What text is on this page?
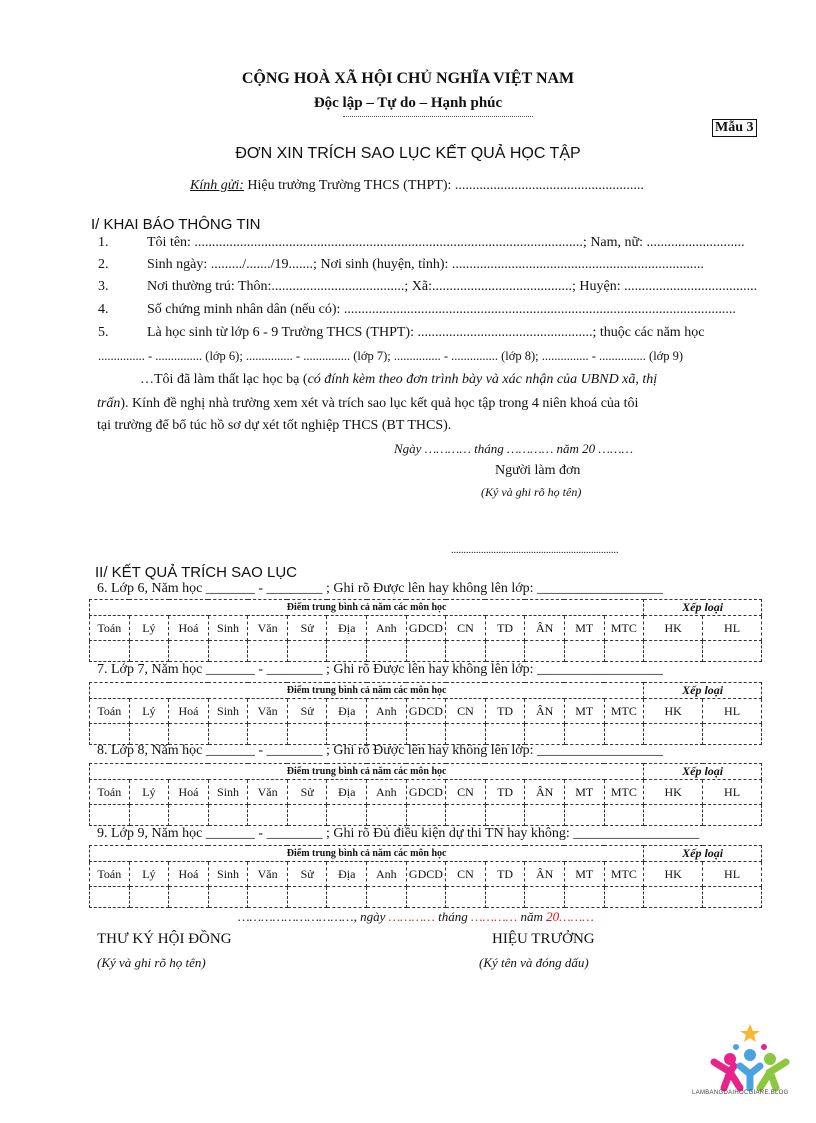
CỘNG HOÀ XÃ HỘI CHỦ NGHĨA VIỆT NAM
Độc lập – Tự do – Hạnh phúc
Mẫu 3
ĐƠN XIN TRÍCH SAO LỤC KẾT QUẢ HỌC TẬP
Kính gửi: Hiệu trưởng Trường THCS (THPT): ......................................................
I/ KHAI BÁO THÔNG TIN
1.	Tôi tên: ...............................................................................................................; Nam, nữ: ............................
2.	Sinh ngày: ........./......./19.......; Nơi sinh (huyện, tỉnh): ........................................................................
3.	Nơi thường trú: Thôn:......................................; Xã:........................................; Huyện: ......................................
4.	Số chứng minh nhân dân (nếu có): ................................................................................................................
5.	Là học sinh từ lớp 6 - 9 Trường THCS (THPT): ..................................................; thuộc các năm học
............... - ............... (lớp 6); ............... - ............... (lớp 7); ............... - ............... (lớp 8); ............... - ............... (lớp 9)
…Tôi đã làm thất lạc học bạ (có đính kèm theo đơn trình bày và xác nhận của UBND xã, thị
trấn). Kính đề nghị nhà trường xem xét và trích sao lục kết quả học tập trong 4 niên khoá của tôi
tại trường để bổ túc hồ sơ dự xét tốt nghiệp THCS (BT THCS).
Ngày ………… tháng ………… năm 20 ………
Người làm đơn
(Ký và ghi rõ họ tên)
...................................................................
II/ KẾT QUẢ TRÍCH SAO LỤC
6. Lớp 6, Năm học _______ - ________ ; Ghi rõ Được lên hay không lên lớp: __________________
Điểm trung bình cả năm các môn học														Xếp loại	
Toán	Lý	Hoá	Sinh	Văn	Sử	Địa	Anh	GDCD	CN	TD	ÂN	MT	MTC	HK	HL

7. Lớp 7, Năm học _______ - ________ ; Ghi rõ Được lên hay không lên lớp: __________________
Điểm trung bình cả năm các môn học														Xếp loại	
Toán	Lý	Hoá	Sinh	Văn	Sử	Địa	Anh	GDCD	CN	TD	ÂN	MT	MTC	HK	HL

8. Lớp 8, Năm học _______ - ________ ; Ghi rõ Được lên hay không lên lớp: __________________
Điểm trung bình cả năm các môn học														Xếp loại	
Toán	Lý	Hoá	Sinh	Văn	Sử	Địa	Anh	GDCD	CN	TD	ÂN	MT	MTC	HK	HL

9. Lớp 9, Năm học _______ - ________ ; Ghi rõ Đủ điều kiện dự thi TN hay không: __________________
Điểm trung bình cả năm các môn học														Xếp loại	
Toán	Lý	Hoá	Sinh	Văn	Sử	Địa	Anh	GDCD	CN	TD	ÂN	MT	MTC	HK	HL

…………………………, ngày ………… tháng ………… năm 20………
THƯ KÝ HỘI ĐỒNG
(Ký và ghi rõ họ tên)
HIỆU TRƯỞNG
(Ký tên và đóng dấu)
LAMBANGDAIHOCGIARE.BLOG
